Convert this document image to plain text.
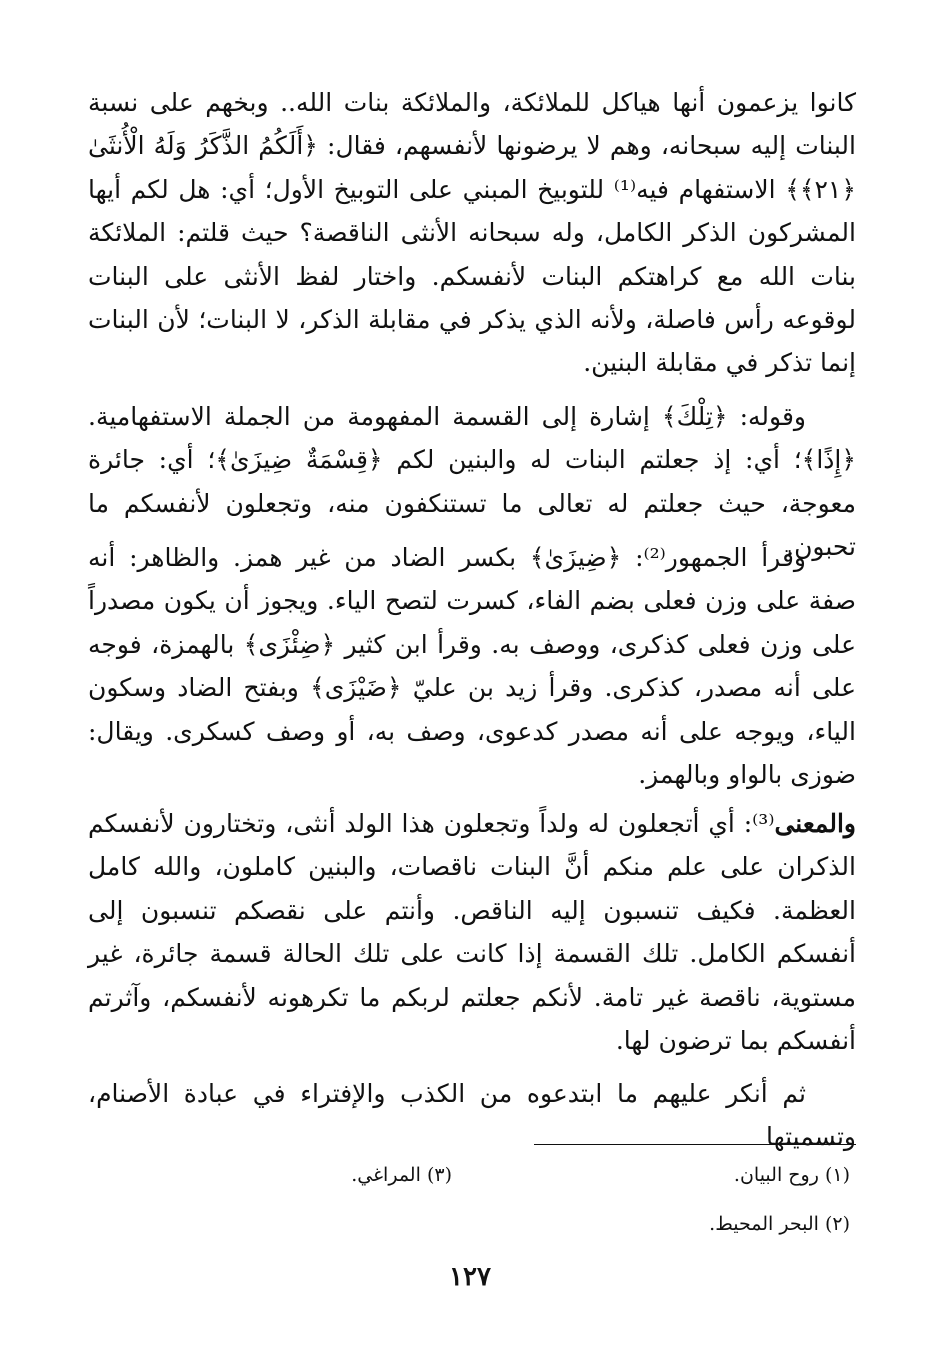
كانوا يزعمون أنها هياكل للملائكة، والملائكة بنات الله.. وبخهم على نسبة البنات إليه سبحانه، وهم لا يرضونها لأنفسهم، فقال: ﴿أَلَكُمُ الذَّكَرُ وَلَهُ الْأُنثَىٰ ﴿٢١﴾﴾ الاستفهام فيه⁽¹⁾ للتوبيخ المبني على التوبيخ الأول؛ أي: هل لكم أيها المشركون الذكر الكامل، وله سبحانه الأنثى الناقصة؟ حيث قلتم: الملائكة بنات الله مع كراهتكم البنات لأنفسكم. واختار لفظ الأنثى على البنات لوقوعه رأس فاصلة، ولأنه الذي يذكر في مقابلة الذكر، لا البنات؛ لأن البنات إنما تذكر في مقابلة البنين.
وقوله: ﴿تِلْكَ﴾ إشارة إلى القسمة المفهومة من الجملة الاستفهامية. ﴿إِذًا﴾؛ أي: إذ جعلتم البنات له والبنين لكم ﴿قِسْمَةٌ ضِيزَىٰ﴾؛ أي: جائرة معوجة، حيث جعلتم له تعالى ما تستنكفون منه، وتجعلون لأنفسكم ما تحبون.
وقرأ الجمهور⁽²⁾: ﴿ضِيزَىٰ﴾ بكسر الضاد من غير همز. والظاهر: أنه صفة على وزن فعلى بضم الفاء، كسرت لتصح الياء. ويجوز أن يكون مصدراً على وزن فعلى كذكرى، ووصف به. وقرأ ابن كثير ﴿ضِئْزَى﴾ بالهمزة، فوجه على أنه مصدر، كذكرى. وقرأ زيد بن عليّ ﴿ضَيْزَى﴾ وبفتح الضاد وسكون الياء، ويوجه على أنه مصدر كدعوى، وصف به، أو وصف كسكرى. ويقال: ضوزى بالواو وبالهمز.
والمعنى⁽³⁾: أي أتجعلون له ولداً وتجعلون هذا الولد أنثى، وتختارون لأنفسكم الذكران على علم منكم أنَّ البنات ناقصات، والبنين كاملون، والله كامل العظمة. فكيف تنسبون إليه الناقص. وأنتم على نقصكم تنسبون إلى أنفسكم الكامل. تلك القسمة إذا كانت على تلك الحالة قسمة جائرة، غير مستوية، ناقصة غير تامة. لأنكم جعلتم لربكم ما تكرهونه لأنفسكم، وآثرتم أنفسكم بما ترضون لها.
ثم أنكر عليهم ما ابتدعوه من الكذب والإفتراء في عبادة الأصنام، وتسميتها
(١) روح البيان.
(٣) المراغي.
(٢) البحر المحيط.
١٢٧
